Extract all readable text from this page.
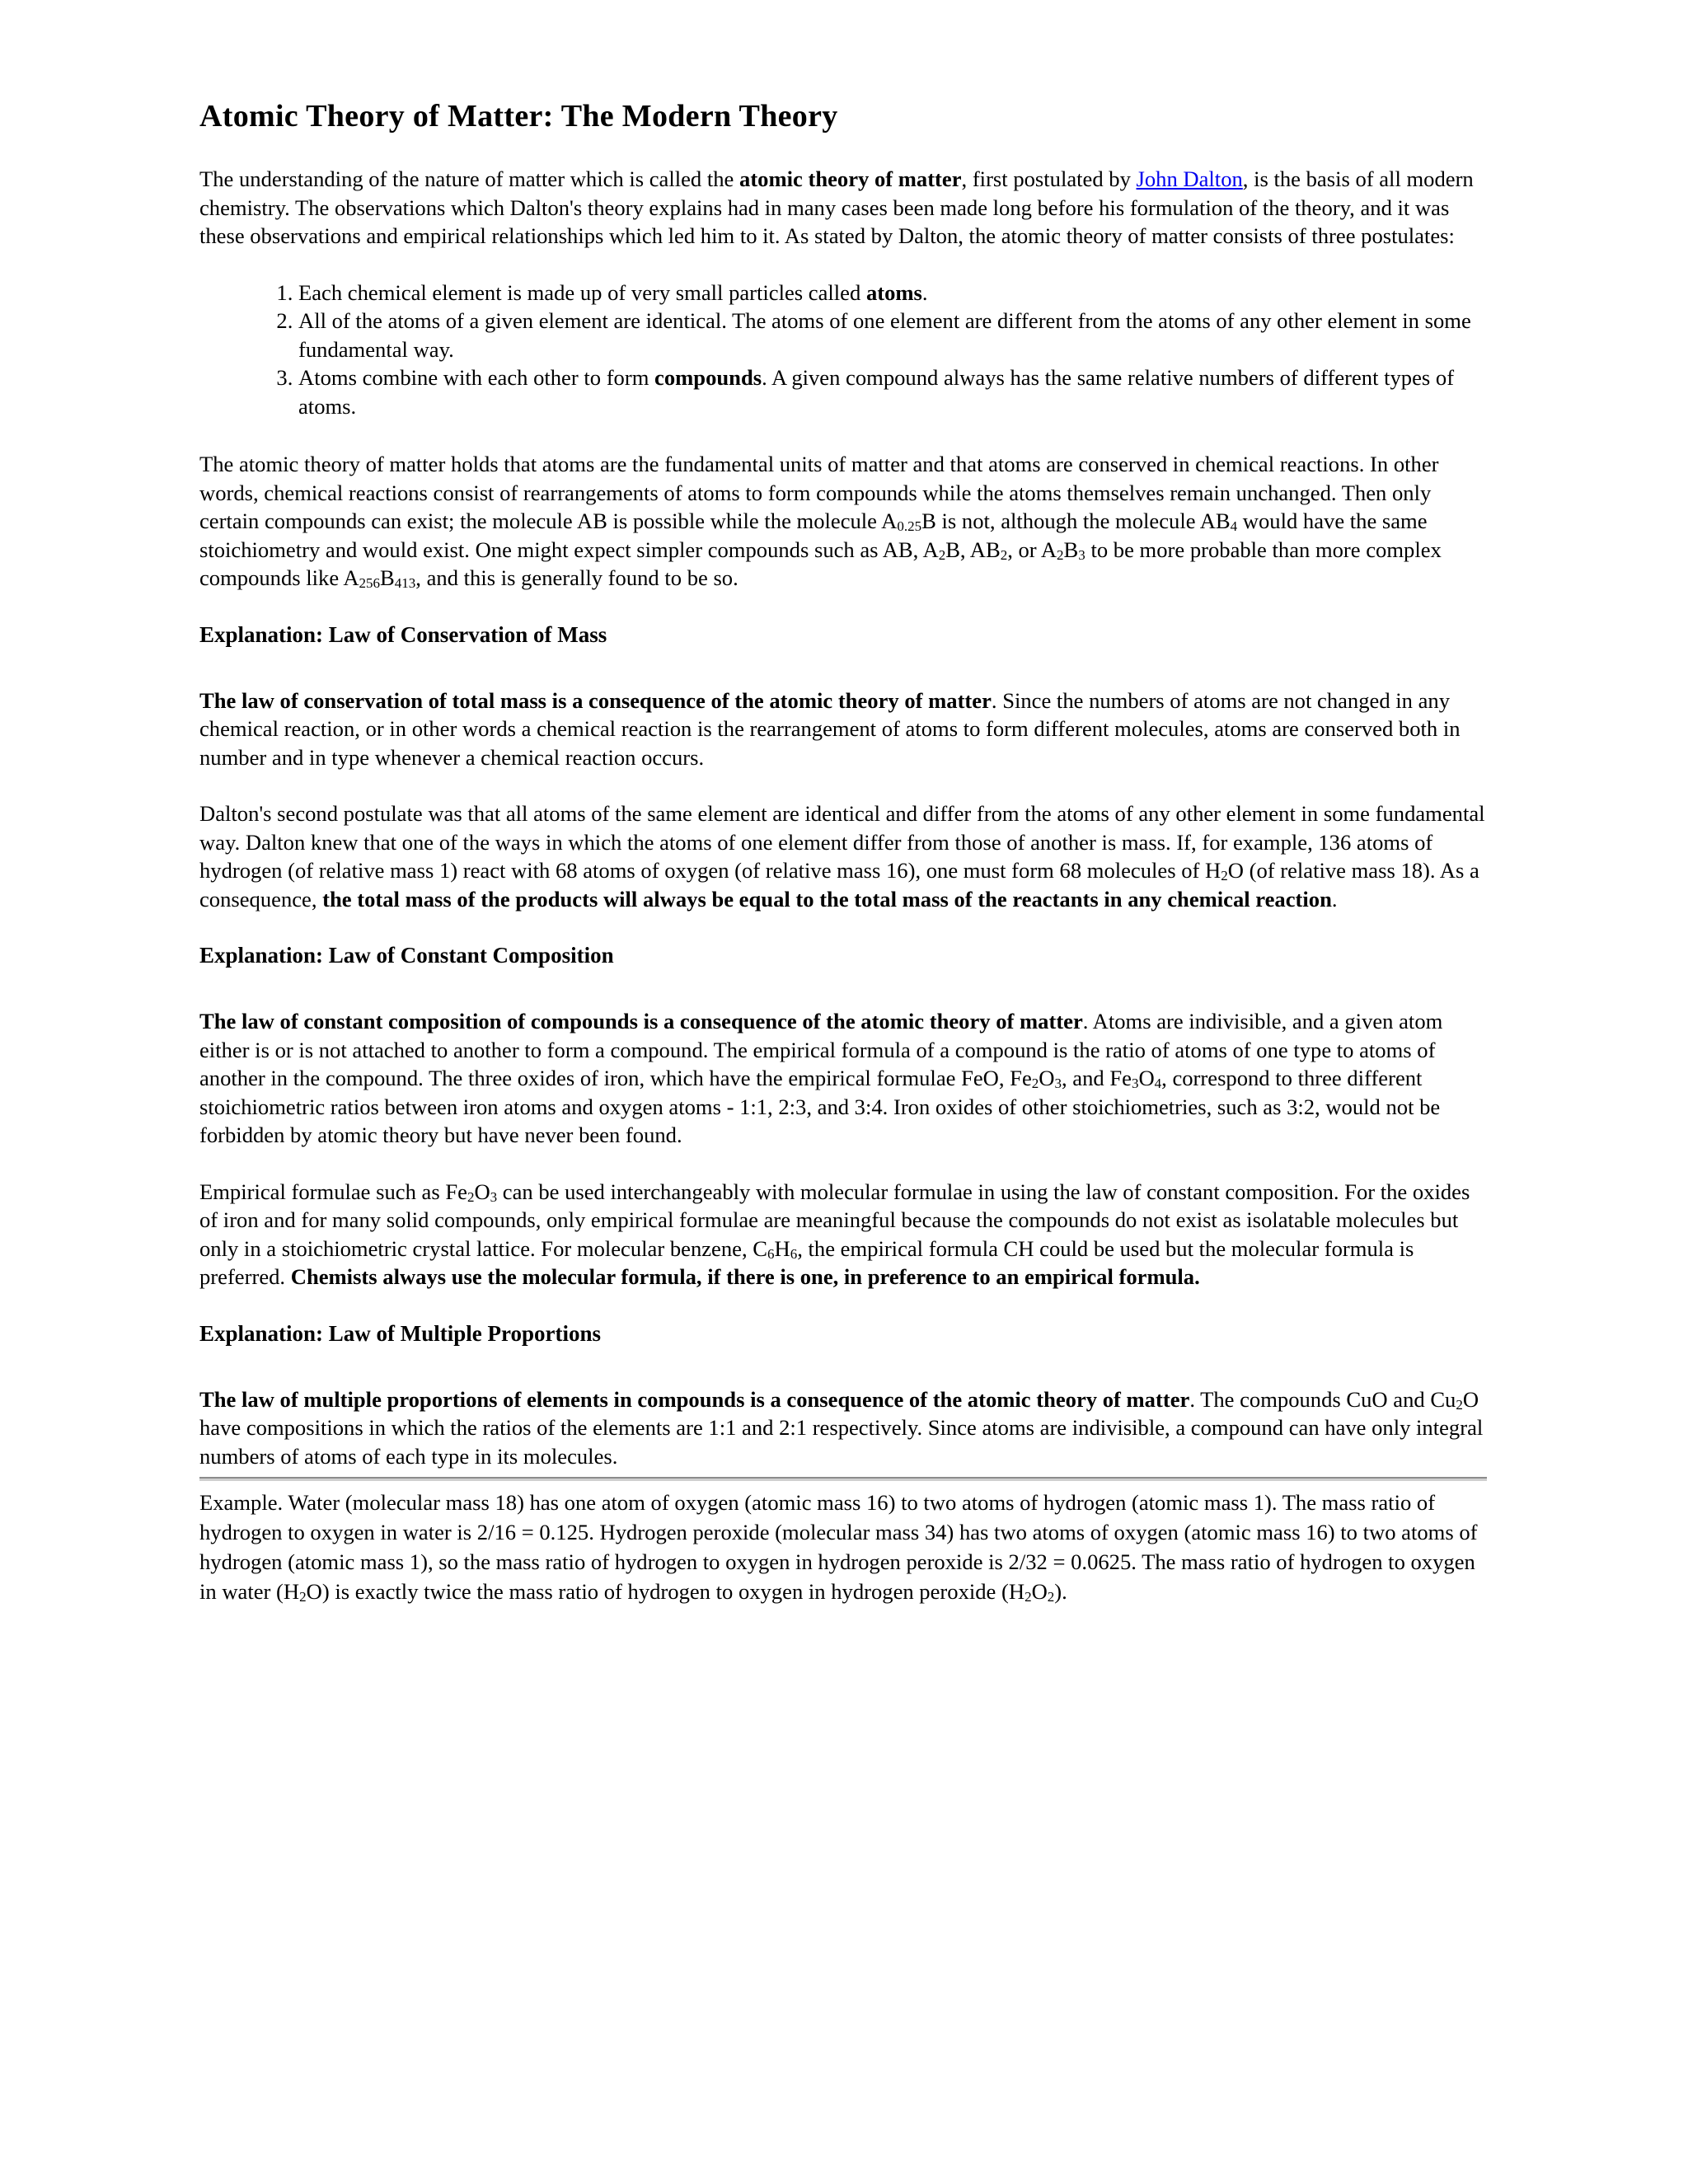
Atomic Theory of Matter: The Modern Theory

The understanding of the nature of matter which is called the atomic theory of matter, first postulated by John Dalton, is the basis of all modern chemistry. The observations which Dalton's theory explains had in many cases been made long before his formulation of the theory, and it was these observations and empirical relationships which led him to it. As stated by Dalton, the atomic theory of matter consists of three postulates:

1. Each chemical element is made up of very small particles called atoms.
2. All of the atoms of a given element are identical. The atoms of one element are different from the atoms of any other element in some fundamental way.
3. Atoms combine with each other to form compounds. A given compound always has the same relative numbers of different types of atoms.

The atomic theory of matter holds that atoms are the fundamental units of matter and that atoms are conserved in chemical reactions. In other words, chemical reactions consist of rearrangements of atoms to form compounds while the atoms themselves remain unchanged. Then only certain compounds can exist; the molecule AB is possible while the molecule $A_{0.25}B$ is not, although the molecule $AB_4$ would have the same stoichiometry and would exist. One might expect simpler compounds such as AB, $A_2B$, $AB_2$, or $A_2B_3$ to be more probable than more complex compounds like $A_{256}B_{413}$, and this is generally found to be so.

Explanation: Law of Conservation of Mass

The law of conservation of total mass is a consequence of the atomic theory of matter. Since the numbers of atoms are not changed in any chemical reaction, or in other words a chemical reaction is the rearrangement of atoms to form different molecules, atoms are conserved both in number and in type whenever a chemical reaction occurs.

Dalton's second postulate was that all atoms of the same element are identical and differ from the atoms of any other element in some fundamental way. Dalton knew that one of the ways in which the atoms of one element differ from those of another is mass. If, for example, 136 atoms of hydrogen (of relative mass 1) react with 68 atoms of oxygen (of relative mass 16), one must form 68 molecules of $H_2O$ (of relative mass 18). As a consequence, the total mass of the products will always be equal to the total mass of the reactants in any chemical reaction.

Explanation: Law of Constant Composition

The law of constant composition of compounds is a consequence of the atomic theory of matter. Atoms are indivisible, and a given atom either is or is not attached to another to form a compound. The empirical formula of a compound is the ratio of atoms of one type to atoms of another in the compound. The three oxides of iron, which have the empirical formulae FeO, $Fe_2O_3$, and $Fe_3O_4$, correspond to three different stoichiometric ratios between iron atoms and oxygen atoms - 1:1, 2:3, and 3:4. Iron oxides of other stoichiometries, such as 3:2, would not be forbidden by atomic theory but have never been found.

Empirical formulae such as $Fe_2O_3$ can be used interchangeably with molecular formulae in using the law of constant composition. For the oxides of iron and for many solid compounds, only empirical formulae are meaningful because the compounds do not exist as isolatable molecules but only in a stoichiometric crystal lattice. For molecular benzene, $C_6H_6$, the empirical formula CH could be used but the molecular formula is preferred. Chemists always use the molecular formula, if there is one, in preference to an empirical formula.

Explanation: Law of Multiple Proportions

The law of multiple proportions of elements in compounds is a consequence of the atomic theory of matter. The compounds CuO and $Cu_2O$ have compositions in which the ratios of the elements are 1:1 and 2:1 respectively. Since atoms are indivisible, a compound can have only integral numbers of atoms of each type in its molecules.

Example. Water (molecular mass 18) has one atom of oxygen (atomic mass 16) to two atoms of hydrogen (atomic mass 1). The mass ratio of hydrogen to oxygen in water is 2/16 = 0.125. Hydrogen peroxide (molecular mass 34) has two atoms of oxygen (atomic mass 16) to two atoms of hydrogen (atomic mass 1), so the mass ratio of hydrogen to oxygen in hydrogen peroxide is 2/32 = 0.0625. The mass ratio of hydrogen to oxygen in water $(H_2O)$ is exactly twice the mass ratio of hydrogen to oxygen in hydrogen peroxide $(H_2O_2)$.
